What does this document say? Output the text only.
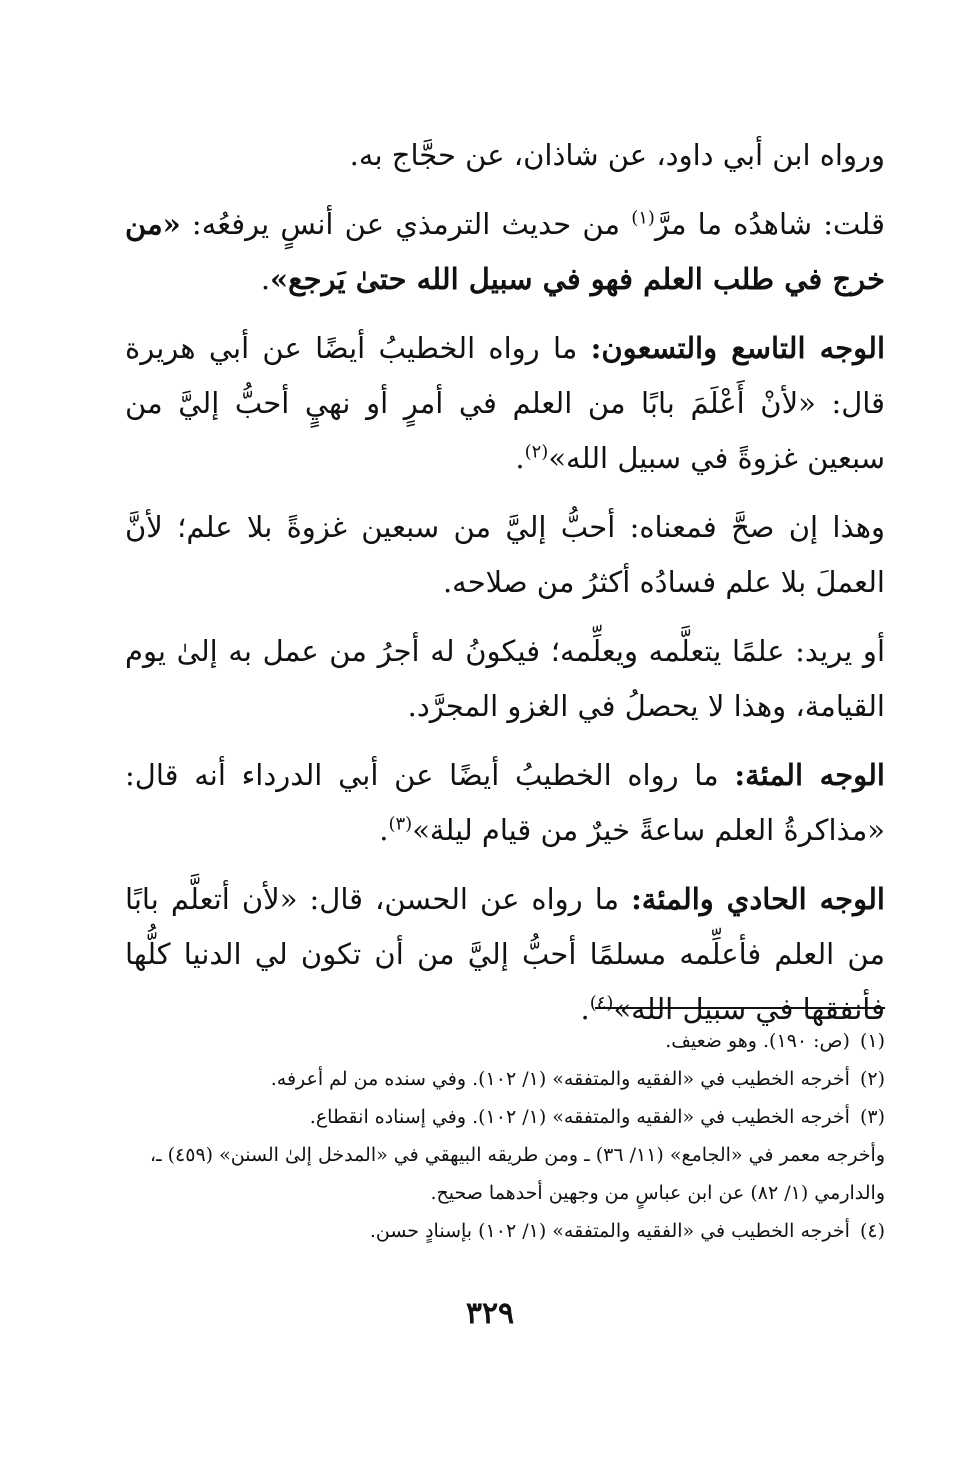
ورواه ابن أبي داود، عن شاذان، عن حجَّاج به.

قلت: شاهدُه ما مرَّ$^{(١)}$ من حديث الترمذي عن أنسٍ يرفعُه: «من خرج في طلب العلم فهو في سبيل الله حتىٰ يَرجع».

الوجه التاسع والتسعون: ما رواه الخطيبُ أيضًا عن أبي هريرة قال: «لأنْ أَعْلَمَ بابًا من العلم في أمرٍ أو نهيٍ أحبُّ إليَّ من سبعين غزوةً في سبيل الله»$^{(٢)}$.

وهذا إن صحَّ فمعناه: أحبُّ إليَّ من سبعين غزوةً بلا علم؛ لأنَّ العملَ بلا علم فسادُه أكثرُ من صلاحه.

أو يريد: علمًا يتعلَّمه ويعلِّمه؛ فيكونُ له أجرُ من عمل به إلىٰ يوم القيامة، وهذا لا يحصلُ في الغزو المجرَّد.

الوجه المئة: ما رواه الخطيبُ أيضًا عن أبي الدرداء أنه قال: «مذاكرةُ العلم ساعةً خيرٌ من قيام ليلة»$^{(٣)}$.

الوجه الحادي والمئة: ما رواه عن الحسن، قال: «لأن أتعلَّم بابًا من العلم فأعلِّمه مسلمًا أحبُّ إليَّ من أن تكون لي الدنيا كلُّها فأنفقها في سبيل الله»$^{(٤)}$.

(١)(ص: ١٩٠). وهو ضعيف.

(٢)أخرجه الخطيب في «الفقيه والمتفقه» (١/ ١٠٢). وفي سنده من لم أعرفه.

(٣)أخرجه الخطيب في «الفقيه والمتفقه» (١/ ١٠٢). وفي إسناده انقطاع.

وأخرجه معمر في «الجامع» (١١/ ٣٦) ـ ومن طريقه البيهقي في «المدخل إلىٰ السنن» (٤٥٩) ـ، والدارمي (١/ ٨٢) عن ابن عباسٍ من وجهين أحدهما صحيح.

(٤)أخرجه الخطيب في «الفقيه والمتفقه» (١/ ١٠٢) بإسنادٍ حسن.

٣٢٩
